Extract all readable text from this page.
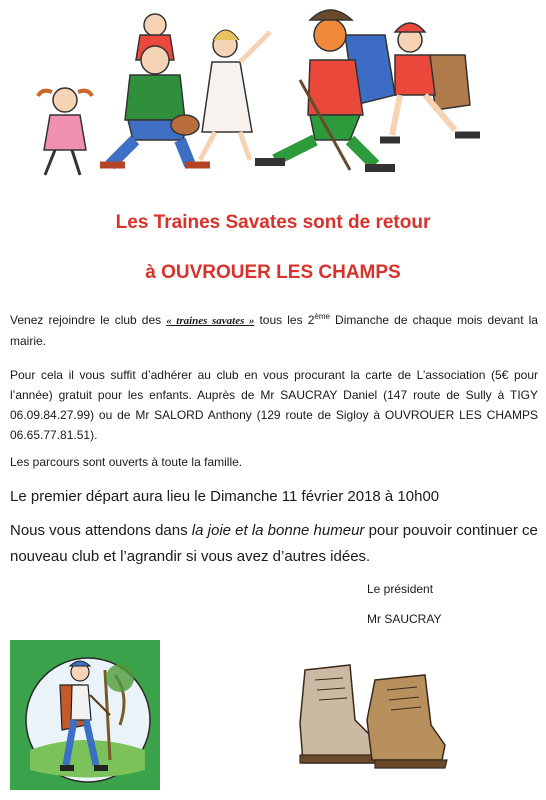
Les Traines Savates sont de retour
à OUVROUER LES CHAMPS

Venez rejoindre le club des « traines savates » tous les 2ème Dimanche de chaque mois devant la mairie.

Pour cela il vous suffit d’adhérer au club en vous procurant la carte de L’association (5€ pour l’année) gratuit pour les enfants. Auprès de Mr SAUCRAY Daniel (147 route de Sully à TIGY 06.09.84.27.99) ou de Mr SALORD Anthony (129 route de Sigloy à OUVROUER LES CHAMPS 06.65.77.81.51).

Les parcours sont ouverts à toute la famille.

Le premier départ aura lieu le Dimanche 11 février 2018 à 10h00

Nous vous attendons dans la joie et la bonne humeur pour pouvoir continuer ce nouveau club et l’agrandir si vous avez d’autres idées.

Le président

Mr SAUCRAY
